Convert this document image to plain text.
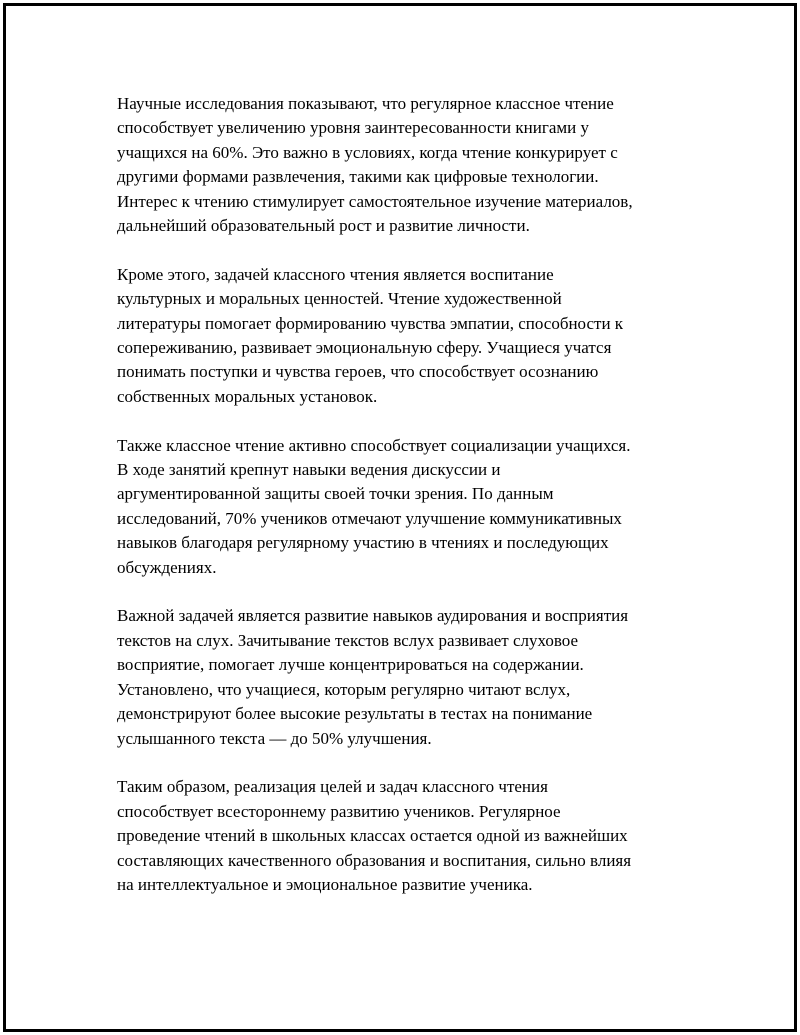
Научные исследования показывают, что регулярное классное чтение
способствует увеличению уровня заинтересованности книгами у
учащихся на 60%. Это важно в условиях, когда чтение конкурирует с
другими формами развлечения, такими как цифровые технологии.
Интерес к чтению стимулирует самостоятельное изучение материалов,
дальнейший образовательный рост и развитие личности.

Кроме этого, задачей классного чтения является воспитание
культурных и моральных ценностей. Чтение художественной
литературы помогает формированию чувства эмпатии, способности к
сопереживанию, развивает эмоциональную сферу. Учащиеся учатся
понимать поступки и чувства героев, что способствует осознанию
собственных моральных установок.

Также классное чтение активно способствует социализации учащихся.
В ходе занятий крепнут навыки ведения дискуссии и
аргументированной защиты своей точки зрения. По данным
исследований, 70% учеников отмечают улучшение коммуникативных
навыков благодаря регулярному участию в чтениях и последующих
обсуждениях.

Важной задачей является развитие навыков аудирования и восприятия
текстов на слух. Зачитывание текстов вслух развивает слуховое
восприятие, помогает лучше концентрироваться на содержании.
Установлено, что учащиеся, которым регулярно читают вслух,
демонстрируют более высокие результаты в тестах на понимание
услышанного текста — до 50% улучшения.

Таким образом, реализация целей и задач классного чтения
способствует всестороннему развитию учеников. Регулярное
проведение чтений в школьных классах остается одной из важнейших
составляющих качественного образования и воспитания, сильно влияя
на интеллектуальное и эмоциональное развитие ученика.
